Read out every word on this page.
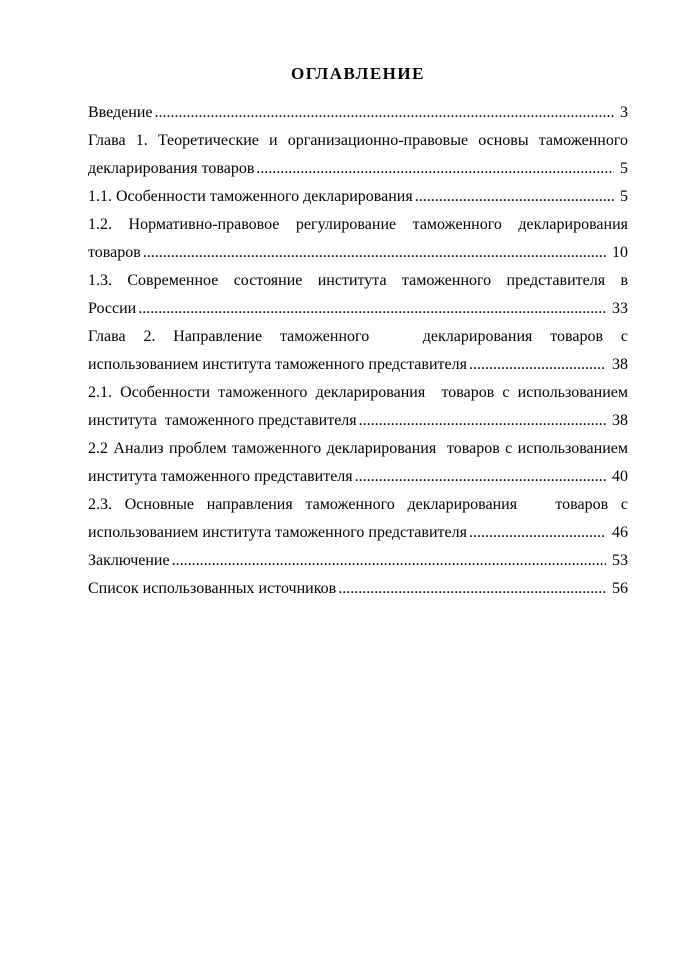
ОГЛАВЛЕНИЕ
Введение .....	3
Глава 1. Теоретические и организационно-правовые основы таможенного
декларирования товаров .....	5
1.1. Особенности таможенного декларирования .....	5
1.2. Нормативно-правовое регулирование таможенного декларирования
товаров .....	10
1.3. Современное состояние института таможенного представителя в
России .....	33
Глава 2. Направление таможенного   декларирования товаров с
использованием института таможенного представителя .....	38
2.1. Особенности таможенного декларирования  товаров с использованием
института  таможенного представителя .....	38
2.2 Анализ проблем таможенного декларирования  товаров с использованием
института таможенного представителя .....	40
2.3. Основные направления таможенного декларирования   товаров с
использованием института таможенного представителя .....	46
Заключение .....	53
Список использованных источников .....	56
